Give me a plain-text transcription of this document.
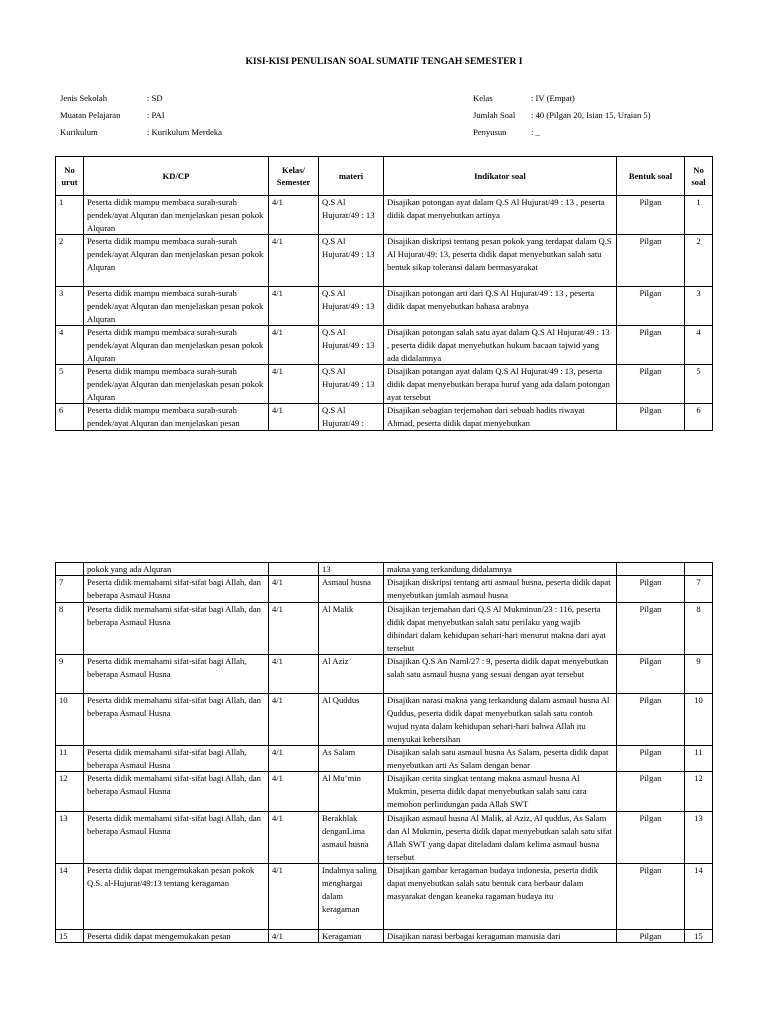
KISI-KISI PENULISAN SOAL SUMATIF TENGAH SEMESTER I
Jenis Sekolah	: SD
Muatan Pelajaran	: PAI
Kurikulum	: Kurikulum Merdeka
Kelas	: IV (Empat)
Jumlah Soal	: 40 (Pilgan 20, Isian 15, Uraian 5)
Penyusun	: _
No urut	KD/CP	Kelas/ Semester	materi	Indikator soal	Bentuk soal	No soal

1	Peserta didik mampu membaca surah-surah pendek/ayat Alquran dan menjelaskan pesan pokok Alquran	4/1	Q.S Al Hujurat/49 : 13	Disajikan potongan ayat dalam Q.S Al Hujurat/49 : 13 , peserta didik dapat menyebutkan artinya	Pilgan	1

2	Peserta didik mampu membaca surah-surah pendek/ayat Alquran dan menjelaskan pesan pokok Alquran	4/1	Q.S Al Hujurat/49 : 13	Disajikan diskripsi tentang pesan pokok yang terdapat dalam Q.S Al Hujurat/49: 13, peserta didik dapat menyebutkan salah satu bentuk sikap toleransi dalam bermasyarakat	Pilgan	2

3	Peserta didik mampu membaca surah-surah pendek/ayat Alquran dan menjelaskan pesan pokok Alquran	4/1	Q.S Al Hujurat/49 : 13	Disajikan potongan arti dari Q.S Al Hujurat/49 : 13 , peserta didik dapat menyebutkan bahasa arabnya	Pilgan	3

4	Peserta didik mampu membaca surah-surah pendek/ayat Alquran dan menjelaskan pesan pokok Alquran	4/1	Q.S Al Hujurat/49 : 13	Disajikan potongan salah satu ayat dalam Q.S Al Hujurat/49 : 13 , peserta didik dapat menyebutkan hukum bacaan tajwid yang ada didalamnya	Pilgan	4

5	Peserta didik mampu membaca surah-surah pendek/ayat Alquran dan menjelaskan pesan pokok Alquran	4/1	Q.S Al Hujurat/49 : 13	Disajikan potangan ayat dalam Q.S Al Hujurat/49 : 13, peserta didik dapat menyebutkan berapa huruf yang ada dalam potongan ayat tersebut	Pilgan	5

6	Peserta didik mampu membaca surah-surah pendek/ayat Alquran dan menjelaskan pesan	4/1	Q.S Al Hujurat/49 :	Disajikan sebagian terjemahan dari sebuah hadits riwayat Ahmad, peserta didik dapat menyebutkan	Pilgan	6

	pokok yang ada Alquran		13	makna yang terkandung didalamnya		

7	Peserta didik memahami sifat-sifat bagi Allah, dan beberapa Asmaul Husna	4/1	Asmaul husna	Disajikan diskripsi tentang arti asmaul husna, peserta didik dapat menyebutkan jumlah asmaul husna	Pilgan	7

8	Peserta didik memahami sifat-sifat bagi Allah, dan beberapa Asmaul Husna	4/1	Al Malik	Disajikan terjemahan dari Q.S Al Mukminun/23 : 116, peserta didik dapat menyebutkan salah satu perilaku yang wajib dihindari dalam kehidupan sehari-hari menurut makna dari ayat tersebut	Pilgan	8

9	Peserta didik memahami sifat-sifat bagi Allah, beberapa Asmaul Husna	4/1	Al Aziz	Disajikan Q.S An Naml/27 : 9, peserta didik dapat menyebutkan salah satu asmaul husna yang sesuai dengan ayat tersebut	Pilgan	9

10	Peserta didik memahami sifat-sifat bagi Allah, dan beberapa Asmaul Husna	4/1	Al Quddus	Disajikan narasi makna yang terkandung dalam asmaul husna Al Quddus, peserta didik dapat menyebutkan salah satu contoh wujud nyata dalam kehidupan sehari-hari bahwa Allah itu menyukai kebersihan	Pilgan	10

11	Peserta didik memahami sifat-sifat bagi Allah, beberapa Asmaul Husna	4/1	As Salam	Disajikan salah satu asmaul husna As Salam, peserta didik dapat menyebutkan arti As Salam dengan benar	Pilgan	11

12	Peserta didik memahami sifat-sifat bagi Allah, dan beberapa Asmaul Husna	4/1	Al Mu’min	Disajikan cerita singkat tentang makna asmaul husna Al Mukmin, peserta didik dapat menyebutkan salah satu cara memohon perlindungan pada Allah SWT	Pilgan	12

13	Peserta didik memahami sifat-sifat bagi Allah, dan beberapa Asmaul Husna	4/1	Berakhlak denganLima asmaul husna	Disajikan asmaul husna Al Malik, al Aziz, Al quddus, As Salam dan Al Mukmin, peserta didik dapat menyebutkan salah satu sifat Allah SWT yang dapat diteladani dalam kelima asmaul husna tersebut	Pilgan	13

14	Peserta didik dapat mengemukakan pesan pokok Q.S. al-Hujurat/49:13 tentang keragaman	4/1	Indahnya saling menghargai dalam keragaman	Disajikan gambar keragaman budaya indonesia, peserta didik dapat menyebutkan salah satu bentuk cara berbaur dalam masyarakat dengan keaneka ragaman budaya itu	Pilgan	14

15	Peserta didik dapat mengemukakan pesan	4/1	Keragaman	Disajikan narasi berbagai keragaman manusia dari	Pilgan	15
